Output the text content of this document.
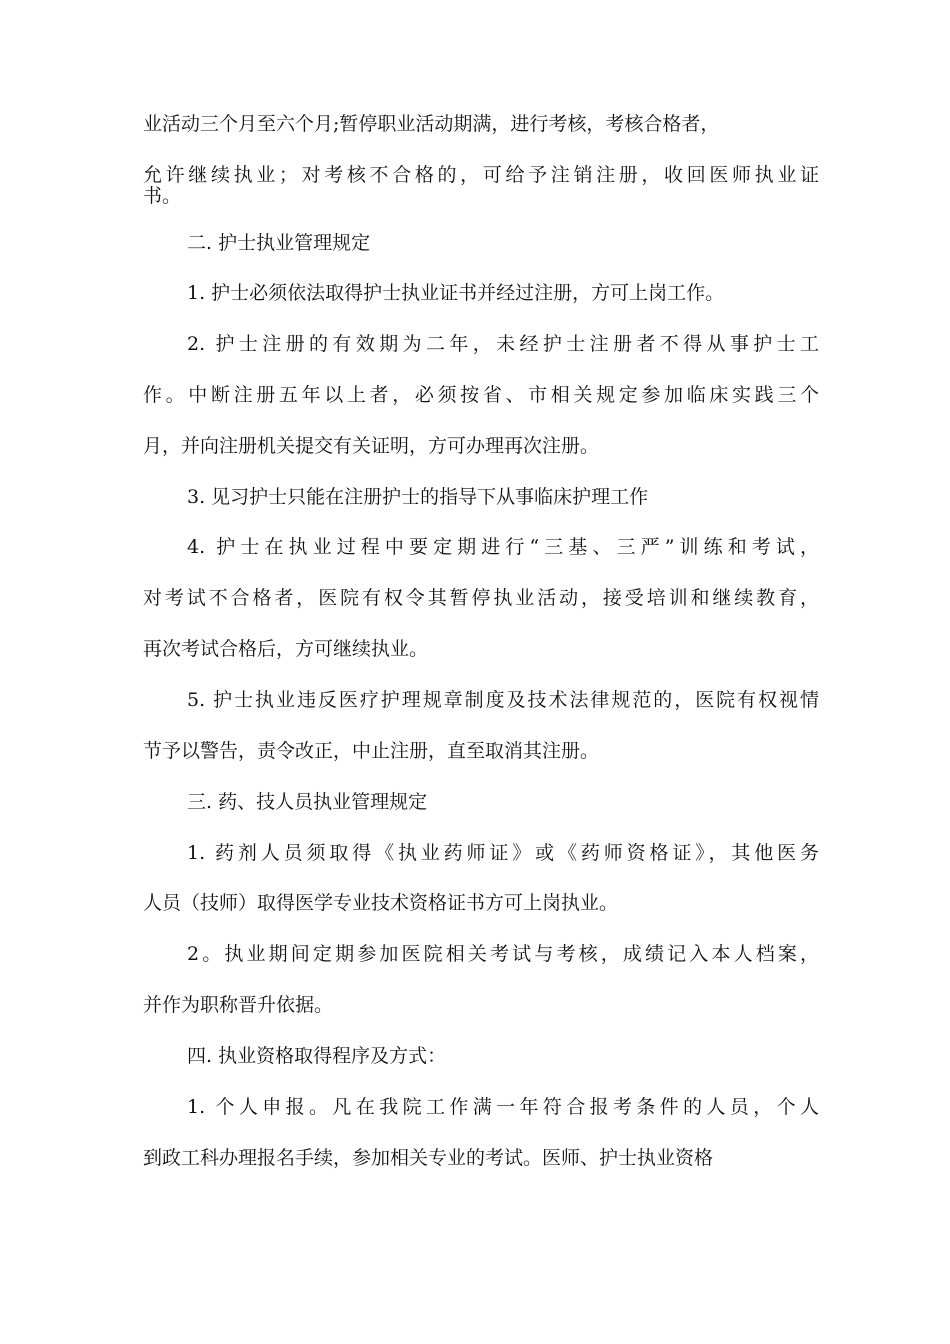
业活动三个月至六个月;暂停职业活动期满，进行考核，考核合格者，
允许继续执业；对考核不合格的，可给予注销注册，收回医师执业证
书。
二. 护士执业管理规定
1. 护士必须依法取得护士执业证书并经过注册，方可上岗工作。
2. 护士注册的有效期为二年，未经护士注册者不得从事护士工
作。中断注册五年以上者，必须按省、市相关规定参加临床实践三个
月，并向注册机关提交有关证明，方可办理再次注册。
3. 见习护士只能在注册护士的指导下从事临床护理工作
4. 护士在执业过程中要定期进行“三基、三严”训练和考试，
对考试不合格者，医院有权令其暂停执业活动，接受培训和继续教育，
再次考试合格后，方可继续执业。
5. 护士执业违反医疗护理规章制度及技术法律规范的，医院有权视情
节予以警告，责令改正，中止注册，直至取消其注册。
三. 药、技人员执业管理规定
1. 药剂人员须取得《执业药师证》或《药师资格证》，其他医务
人员（技师）取得医学专业技术资格证书方可上岗执业。
2。执业期间定期参加医院相关考试与考核，成绩记入本人档案，
并作为职称晋升依据。
四. 执业资格取得程序及方式：
1. 个人申报。凡在我院工作满一年符合报考条件的人员，个人
到政工科办理报名手续，参加相关专业的考试。医师、护士执业资格
